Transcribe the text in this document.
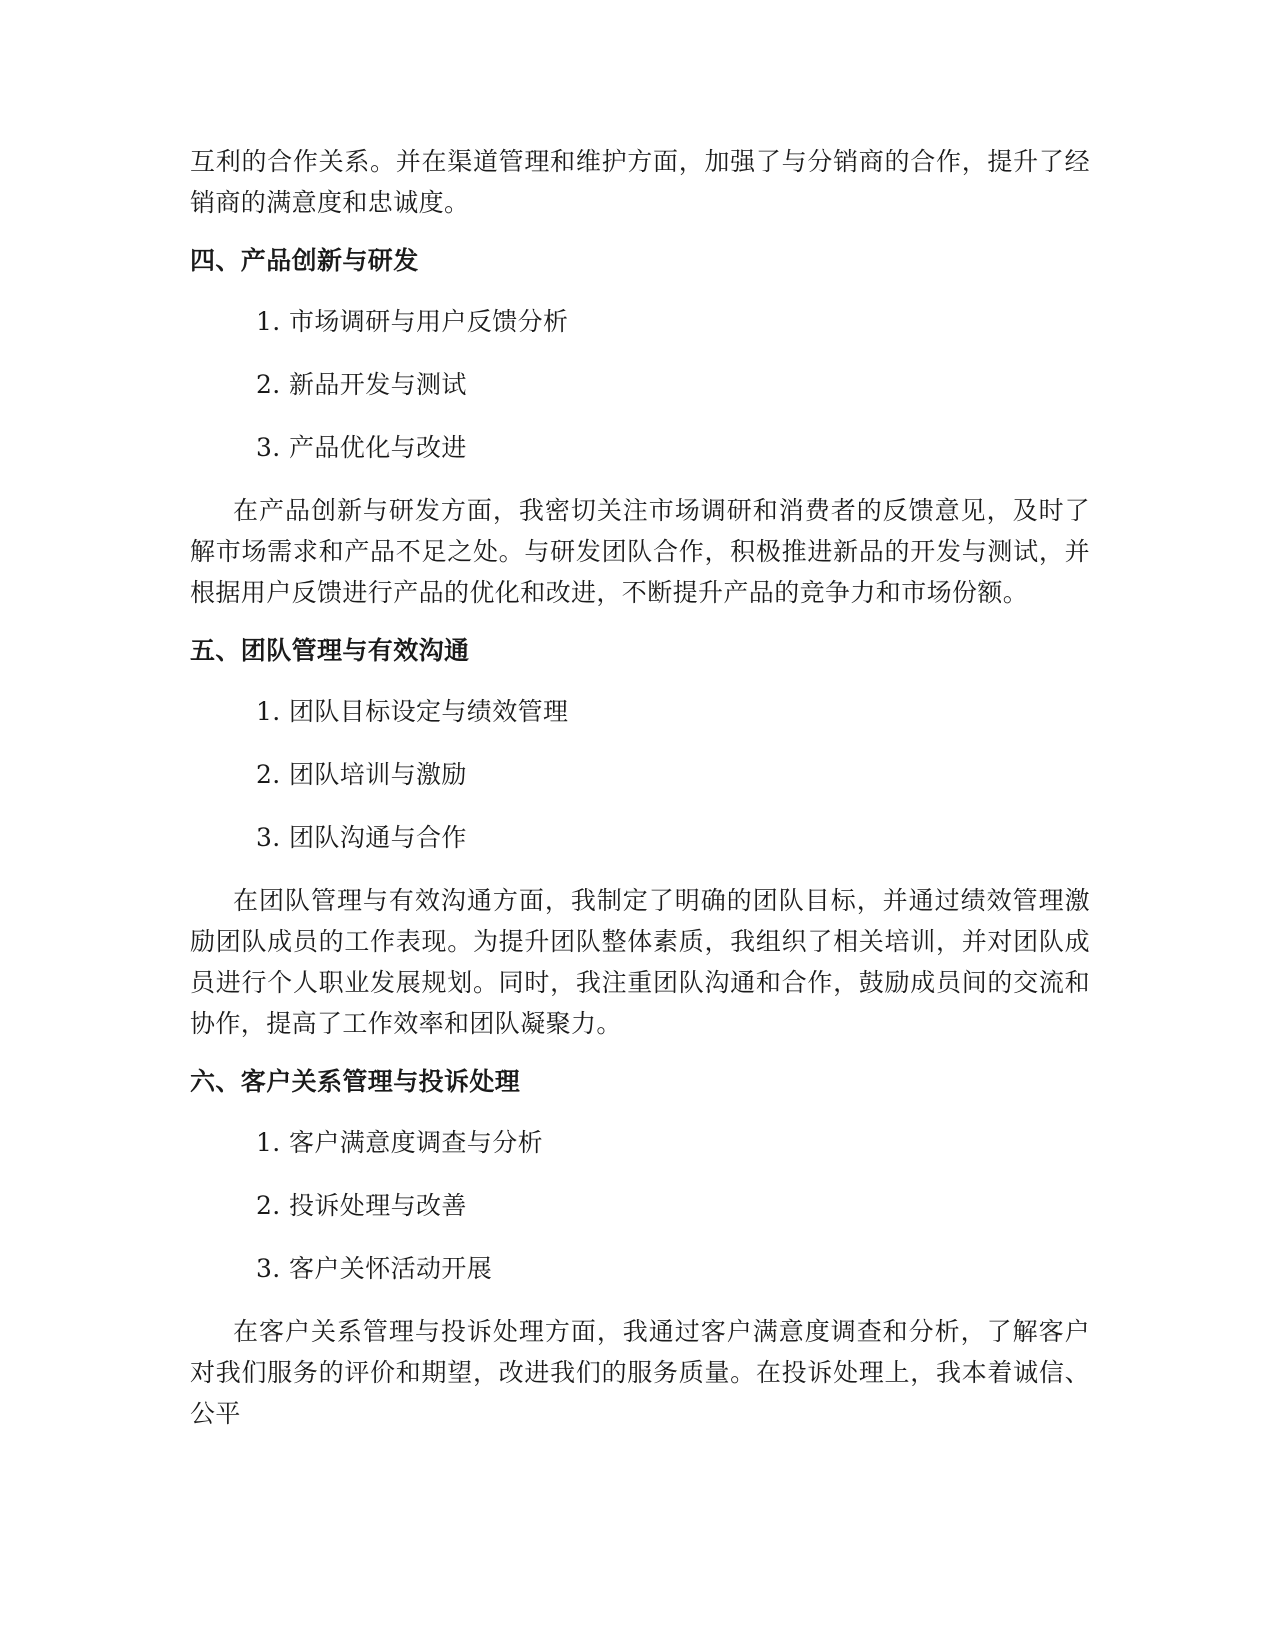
互利的合作关系。并在渠道管理和维护方面，加强了与分销商的合作，提升了经销商的满意度和忠诚度。

四、产品创新与研发
1. 市场调研与用户反馈分析
2. 新品开发与测试
3. 产品优化与改进

在产品创新与研发方面，我密切关注市场调研和消费者的反馈意见，及时了解市场需求和产品不足之处。与研发团队合作，积极推进新品的开发与测试，并根据用户反馈进行产品的优化和改进，不断提升产品的竞争力和市场份额。

五、团队管理与有效沟通
1. 团队目标设定与绩效管理
2. 团队培训与激励
3. 团队沟通与合作

在团队管理与有效沟通方面，我制定了明确的团队目标，并通过绩效管理激励团队成员的工作表现。为提升团队整体素质，我组织了相关培训，并对团队成员进行个人职业发展规划。同时，我注重团队沟通和合作，鼓励成员间的交流和协作，提高了工作效率和团队凝聚力。

六、客户关系管理与投诉处理
1. 客户满意度调查与分析
2. 投诉处理与改善
3. 客户关怀活动开展

在客户关系管理与投诉处理方面，我通过客户满意度调查和分析，了解客户对我们服务的评价和期望，改进我们的服务质量。在投诉处理上，我本着诚信、公平
